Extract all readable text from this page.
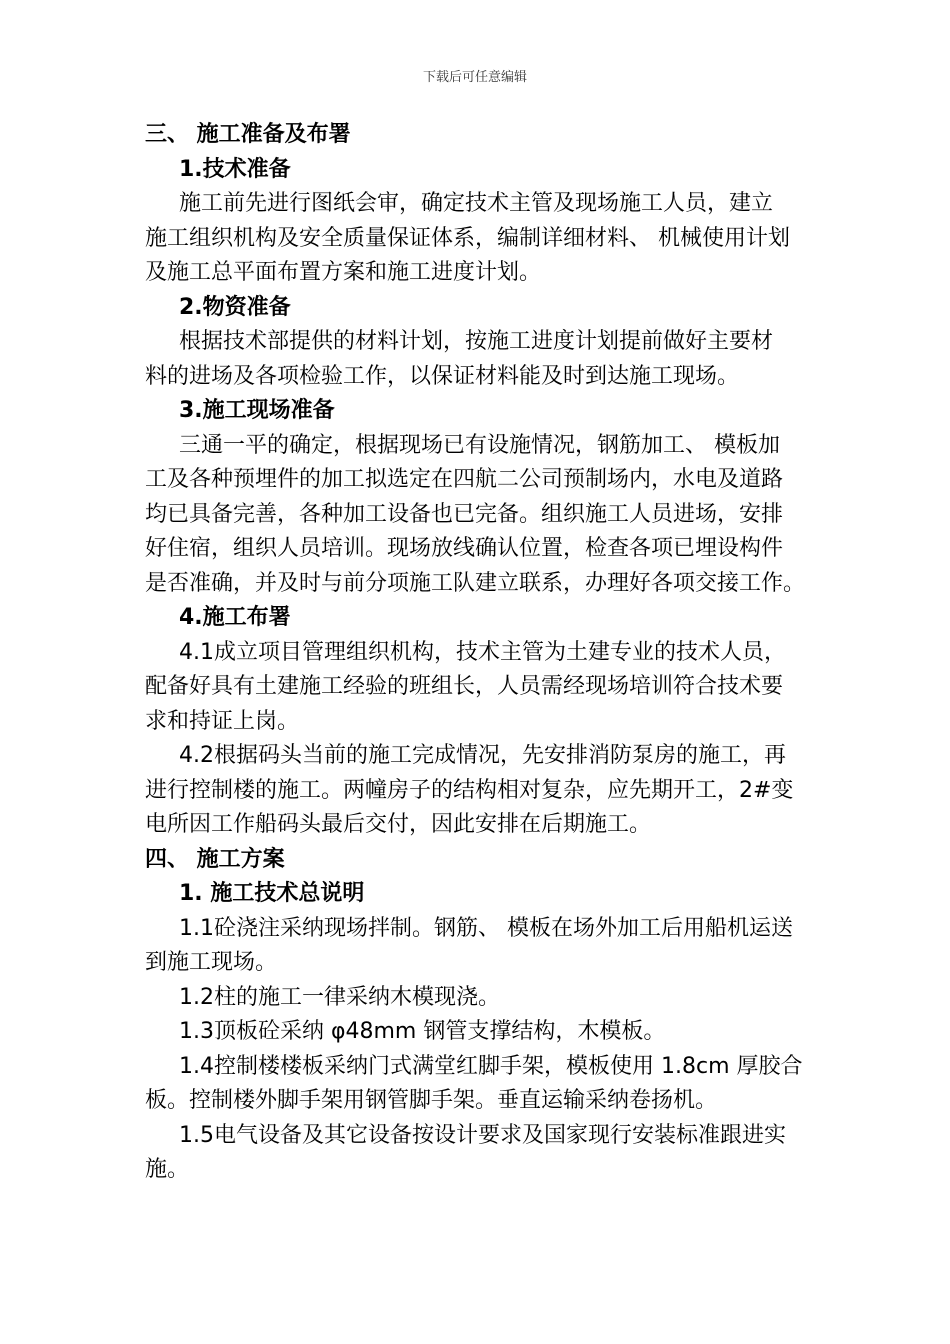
下载后可任意编辑

三、 施工准备及布署

1.技术准备

施工前先进行图纸会审，确定技术主管及现场施工人员，建立

施工组织机构及安全质量保证体系，编制详细材料、 机械使用计划

及施工总平面布置方案和施工进度计划。

2.物资准备

根据技术部提供的材料计划，按施工进度计划提前做好主要材

料的进场及各项检验工作，以保证材料能及时到达施工现场。

3.施工现场准备

三通一平的确定，根据现场已有设施情况，钢筋加工、 模板加

工及各种预埋件的加工拟选定在四航二公司预制场内，水电及道路

均已具备完善，各种加工设备也已完备。组织施工人员进场，安排

好住宿，组织人员培训。现场放线确认位置，检查各项已埋设构件

是否准确，并及时与前分项施工队建立联系，办理好各项交接工作。

4.施工布署

4.1成立项目管理组织机构，技术主管为土建专业的技术人员，

配备好具有土建施工经验的班组长，人员需经现场培训符合技术要

求和持证上岗。

4.2根据码头当前的施工完成情况，先安排消防泵房的施工，再

进行控制楼的施工。两幢房子的结构相对复杂，应先期开工，2#变

电所因工作船码头最后交付，因此安排在后期施工。

四、 施工方案

1. 施工技术总说明

1.1砼浇注采纳现场拌制。钢筋、 模板在场外加工后用船机运送

到施工现场。

1.2柱的施工一律采纳木模现浇。

1.3顶板砼采纳 φ48mm 钢管支撑结构，木模板。

1.4控制楼楼板采纳门式满堂红脚手架，模板使用 1.8cm 厚胶合

板。控制楼外脚手架用钢管脚手架。垂直运输采纳卷扬机。

1.5电气设备及其它设备按设计要求及国家现行安装标准跟进实

施。
